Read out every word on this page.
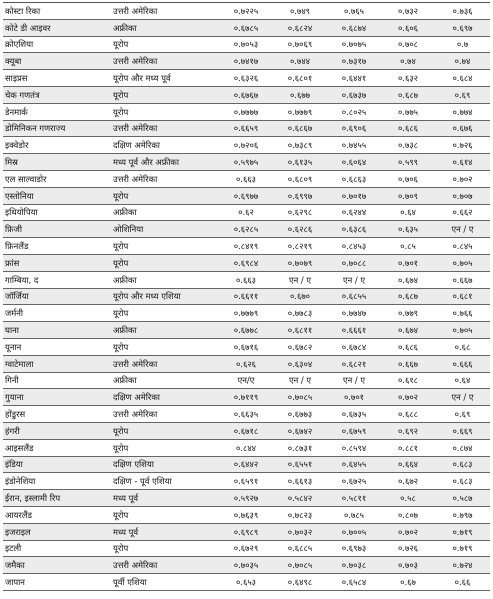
कोस्टा रिका	उत्तरी अमेरिका	०.७२२५	०.७४९	०.७६५	०.७३२	०.७३६
कोटे डी आइवर	अफ्रीका	०.६७८५	०.६८२४	०.६८७४	०.६०६	०.६९७
क्रोएशिया	यूरोप	०.७०५३	०.७०६९	०.७०७५	०.७०८	०.७
क्यूबा	उत्तरी अमेरिका	०.७४१७	०.७४४	०.७३१७	०.७४	०.७४
साइप्रस	यूरोप और मध्य पूर्व	०.६३२६	०.६८०१	०.६४४१	०.६३२	०.६८४
चेक गणतंत्र	यूरोप	०.६७६७	०.६७७	०.६७३७	०.६८७	०.६९
डेनमार्क	यूरोप	०.७७७७	०.७७७९	०.८०२५	०.७७५	०.७७४
डोमिनिकन गणराज्य	उत्तरी अमेरिका	०.६६५९	०.६८६७	०.६९०६	०.६८६	०.६७६
इक्वेडोर	दक्षिण अमेरिका	०.७२०६	०.७३८९	०.७४५५	०.७३८	०.७२६
मिस्र	मध्य पूर्व और अफ्रीका	०.५९७५	०.६१३५	०.६०६४	०.५९९	०.६१४
एल साल्वाडोर	उत्तरी अमेरिका	०.६६३	०.६८०९	०.६८६३	०.७०६	०.७०२
एस्तोनिया	यूरोप	०.६९७७	०.६९९७	०.७०१७	०.७०९	०.७०७
इथियोपिया	अफ्रीका	०.६२	०.६२९८	०.६२४४	०.६४	०.६६२
फ़िजी	ओशिनिया	०.६२८५	०.६२८६	०.६३८६	०.६३५	एन / ए
फ़िनलैंड	यूरोप	०.८४१९	०.८२१९	०.८४५३	०.८५	०.८४५
फ्रांस	यूरोप	०.६९८४	०.७०७९	०.७०८८	०.७०१	०.७०५
गाम्बिया, द	अफ्रीका	०.६६३	एन / ए	एन / ए	०.६७४	०.६६७
जॉर्जिया	यूरोप और मध्य एशिया	०.६६११	०.६७०	०.६८५५	०.६८७	०.६८१
जर्मनी	यूरोप	०.७७७९	०.७७८३	०.७७४७	०.७७९	०.७६६
घाना	अफ्रीका	०.६७७८	०.६८११	०.६६६१	०.६७४	०.७०५
यूनान	यूरोप	०.६७१६	०.६७८२	०.६७८४	०.६८६	०.६८
ग्वाटेमाला	उत्तरी अमेरिका	०.६२६	०.६३०४	०.६८२१	०.६६७	०.६६६
गिनी	अफ्रीका	एन/ए	एन / ए	एन / ए	०.६१८	०.६४
गुयाना	दक्षिण अमेरिका	०.७११९	०.७०८५	०.७०१	०.७०२	एन / ए
होंडुरस	उत्तरी अमेरिका	०.६६३५	०.६७७३	०.६७३५	०.६८८	०.६९
हंगरी	यूरोप	०.६७१८	०.६७४२	०.६७५९	०.६९२	०.६६९
आइसलैंड	यूरोप	०.८४४	०.८७३१	०.८५९४	०.८८१	०.८७४
इंडिया	दक्षिण एशिया	०.६४४२	०.६५५१	०.६४५५	०.६६४	०.६८३
इंडोनेशिया	दक्षिण - पूर्व एशिया	०.६५९१	०.६६१३	०.६७२५	०.६७२	०.६८३
ईरान, इस्लामी रिप	मध्य पूर्व	०.५९२७	०.५८४२	०.५८११	०.५८	०.५८७
आयरलैंड	यूरोप	०.७६३९	०.७८२३	०.७८५	०.८०७	०.७९७
इजराइल	मध्य पूर्व	०.६९८९	०.७०३२	०.७००५	०.७०२	०.७१९
इटली	यूरोप	०.६७२९	०.६८८५	०.६९७३	०.७२६	०.७१९
जमैका	उत्तरी अमेरिका	०.७०३५	०.७०८५	०.७०३८	०.७०३	०.७२४
जापान	पूर्वी एशिया	०.६५३	०.६४९८	०.६५८४	०.६७	०.६६
